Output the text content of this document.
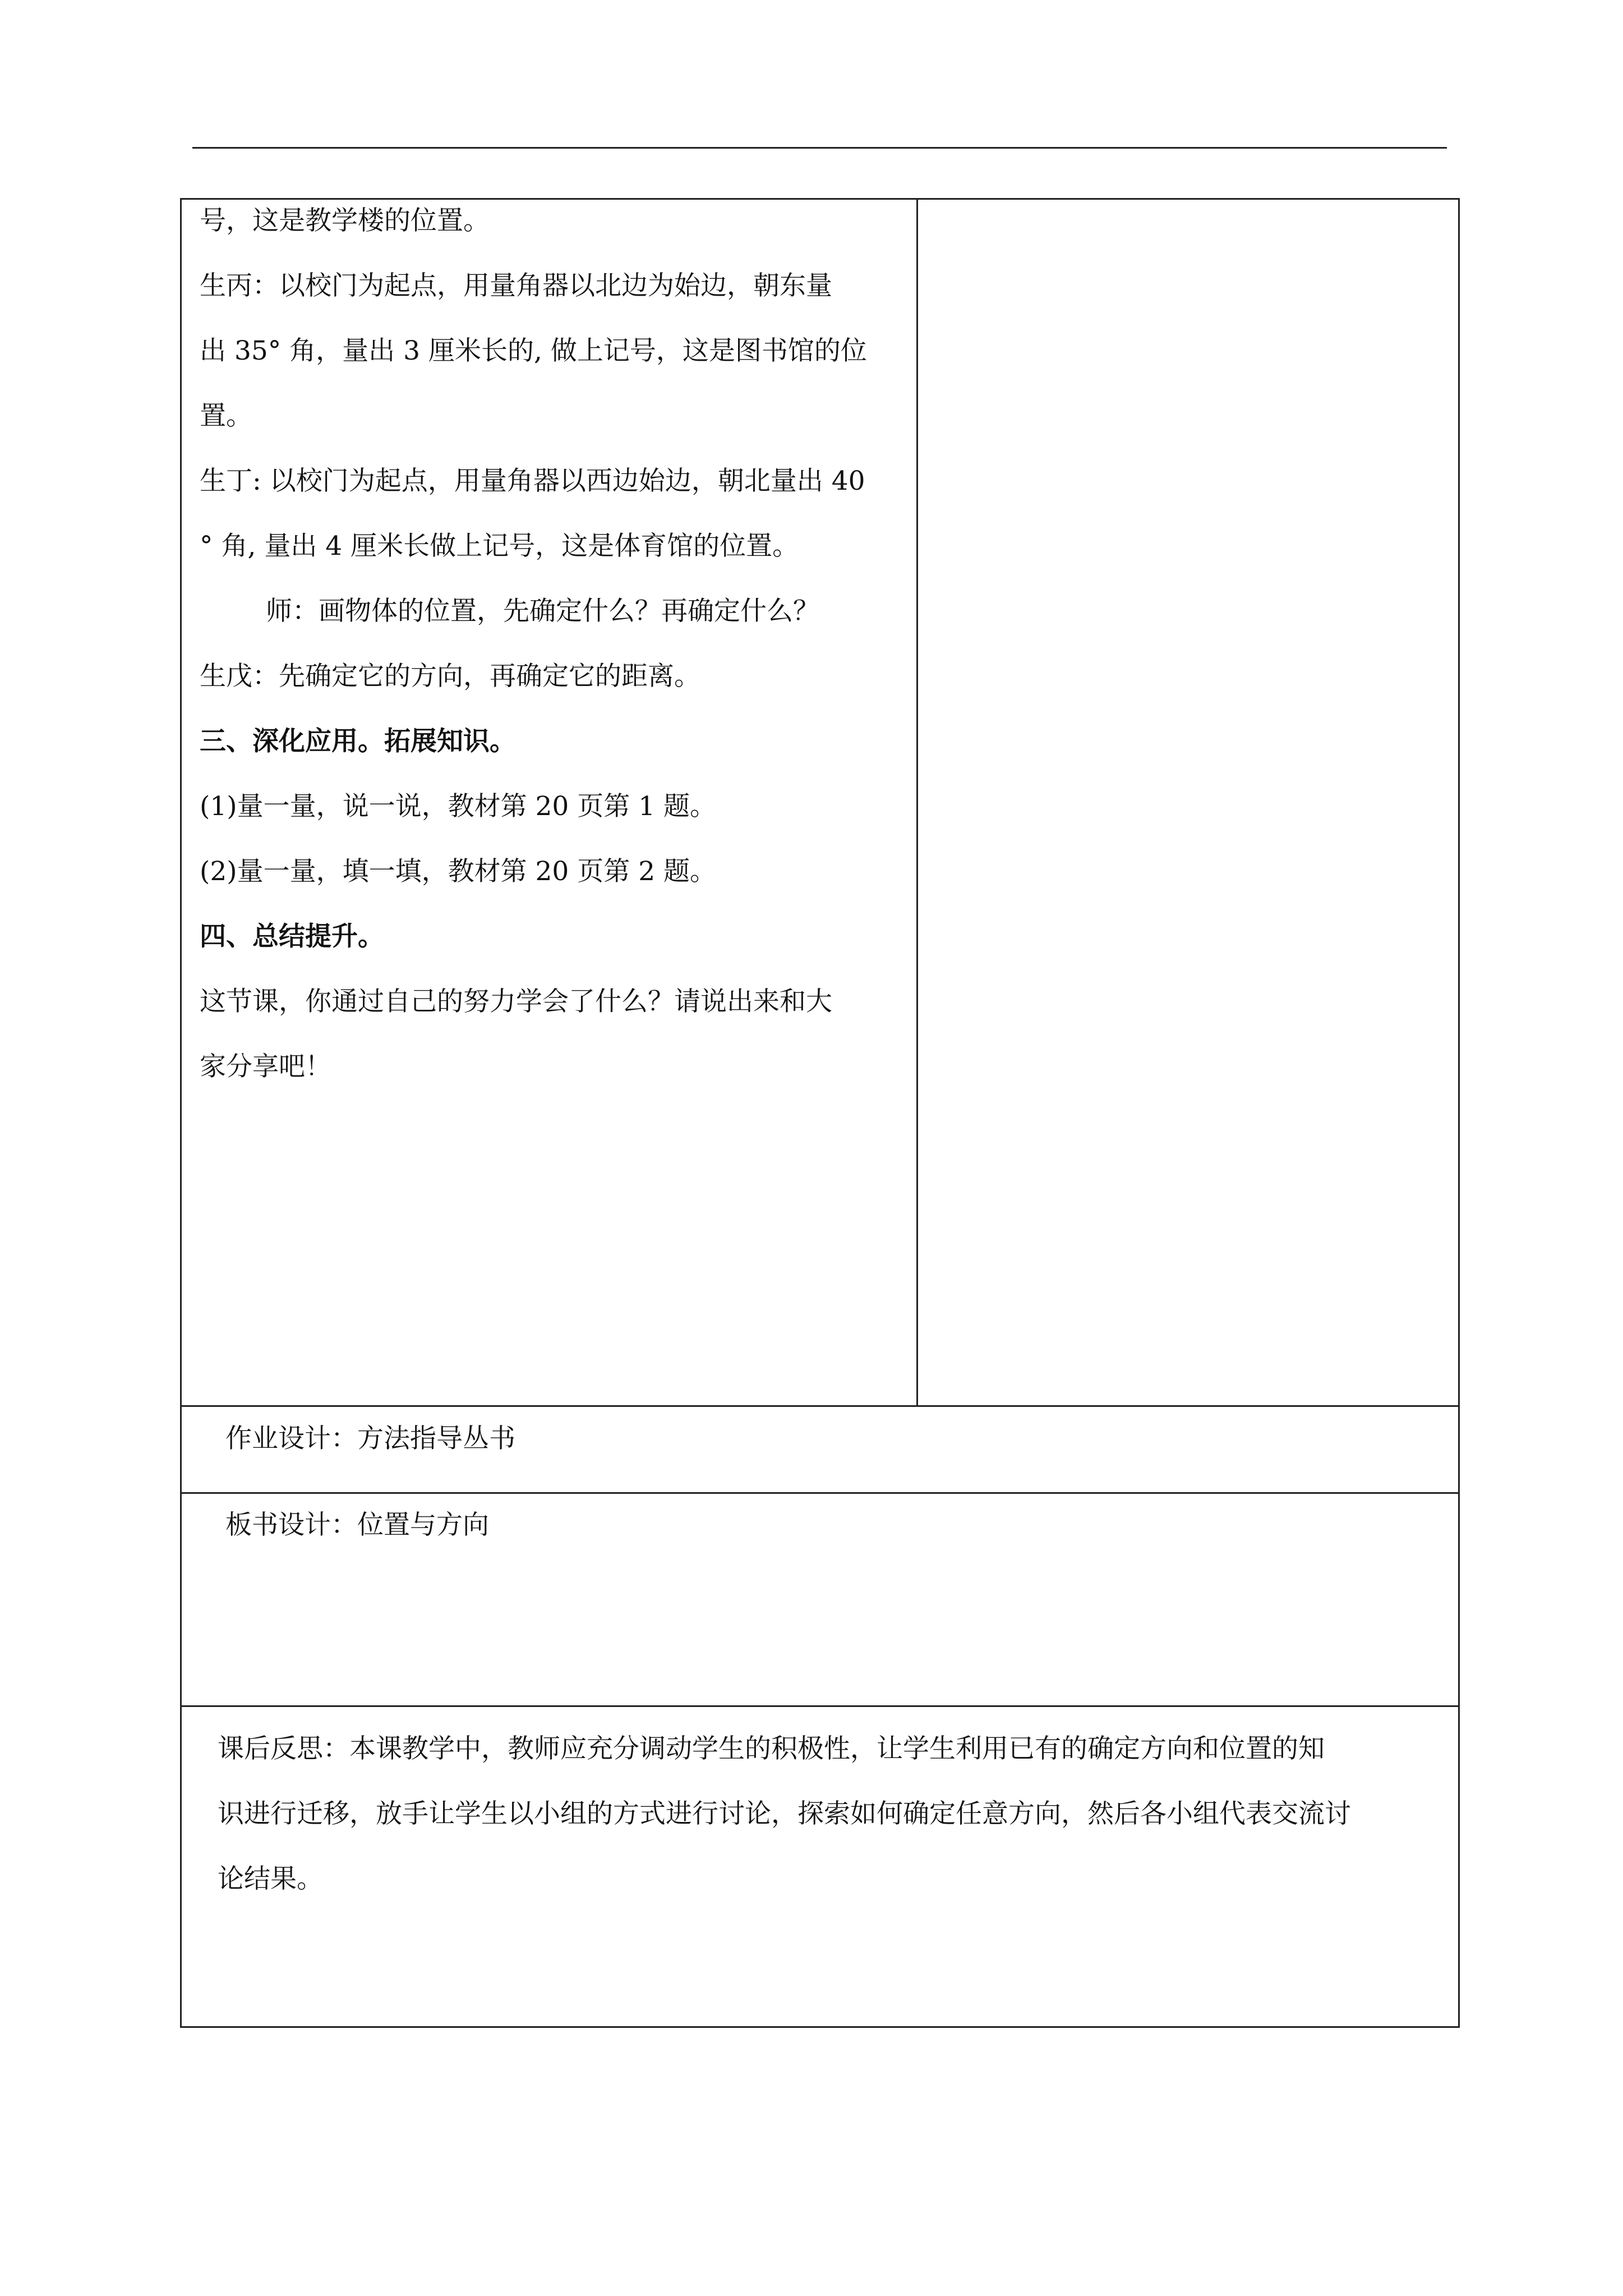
号，这是教学楼的位置。
生丙：以校门为起点，用量角器以北边为始边，朝东量
出 35° 角，量出 3 厘米长的, 做上记号，这是图书馆的位
置。
生丁: 以校门为起点，用量角器以西边始边，朝北量出 40
° 角, 量出 4 厘米长做上记号，这是体育馆的位置。
师：画物体的位置，先确定什么？再确定什么？
生戊：先确定它的方向，再确定它的距离。
三、深化应用。拓展知识。
(1)量一量，说一说，教材第 20 页第 1 题。
(2)量一量，填一填，教材第 20 页第 2 题。
四、总结提升。
这节课，你通过自己的努力学会了什么？请说出来和大
家分享吧！
作业设计：方法指导丛书
板书设计：位置与方向
课后反思：本课教学中，教师应充分调动学生的积极性，让学生利用已有的确定方向和位置的知
识进行迁移，放手让学生以小组的方式进行讨论，探索如何确定任意方向，然后各小组代表交流讨
论结果。
